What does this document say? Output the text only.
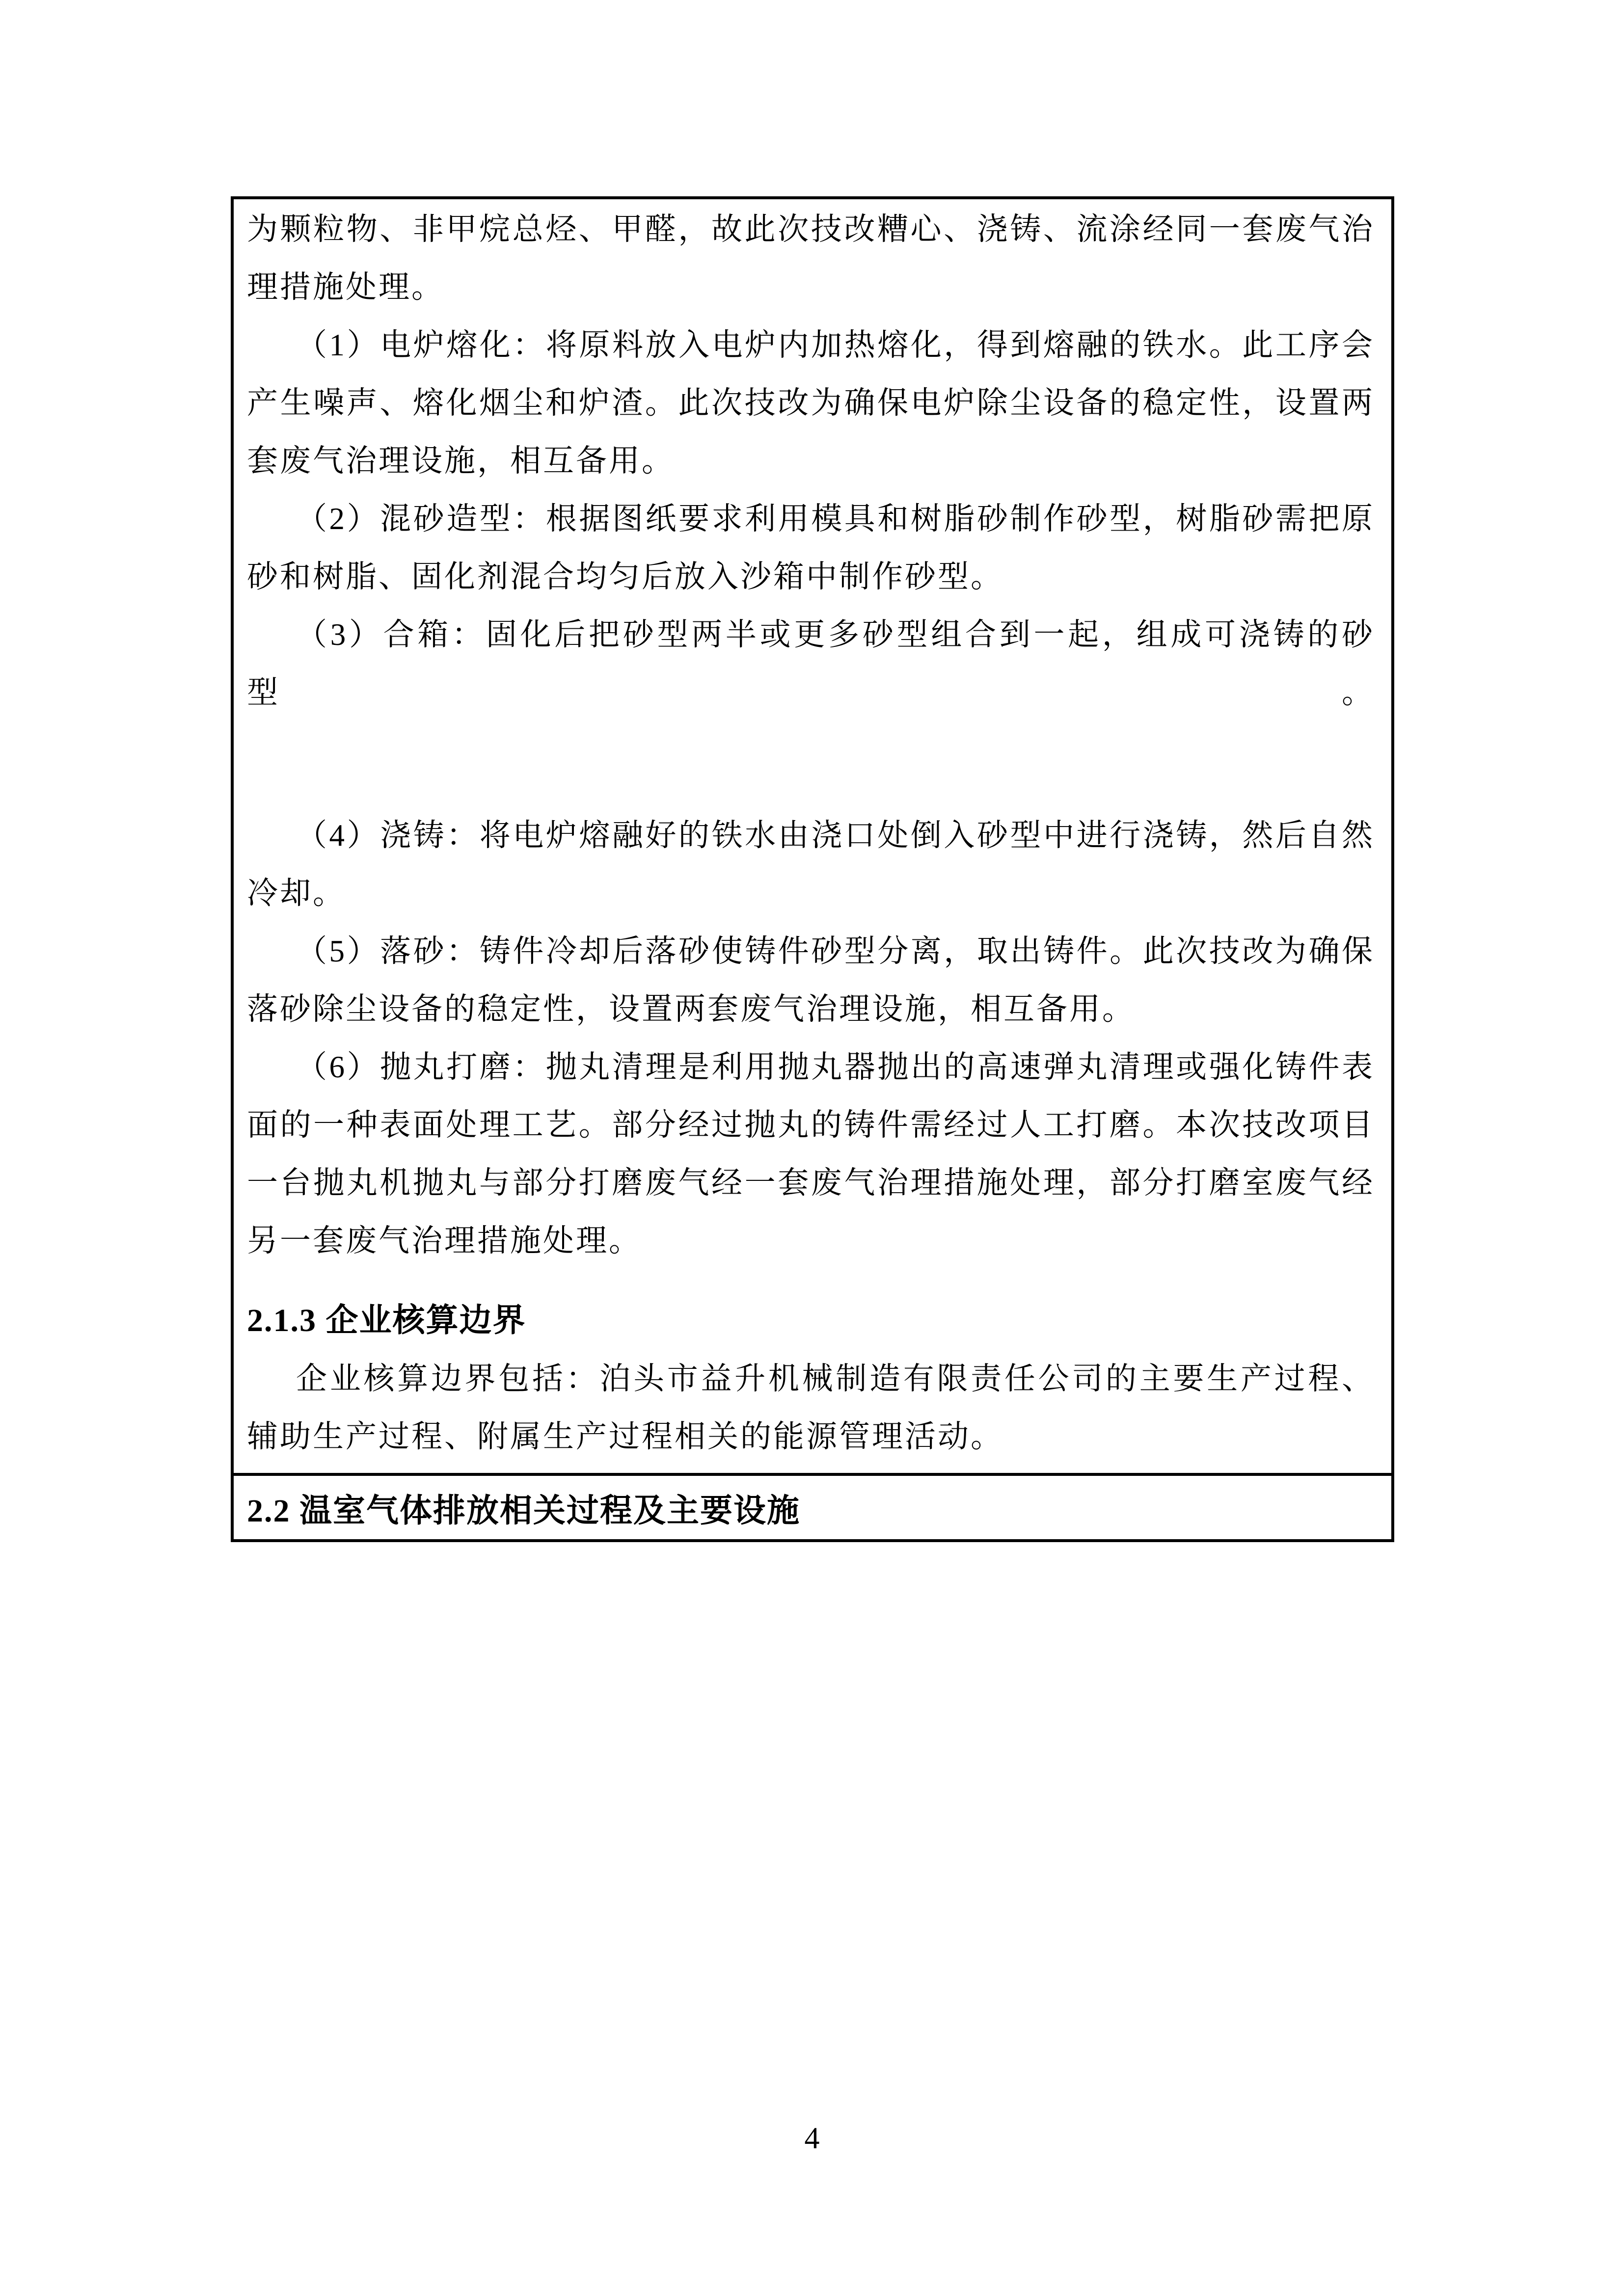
为颗粒物、非甲烷总烃、甲醛，故此次技改糟心、浇铸、流涂经同一套废气治理措施处理。

（1）电炉熔化：将原料放入电炉内加热熔化，得到熔融的铁水。此工序会产生噪声、熔化烟尘和炉渣。此次技改为确保电炉除尘设备的稳定性，设置两套废气治理设施，相互备用。

（2）混砂造型：根据图纸要求利用模具和树脂砂制作砂型，树脂砂需把原砂和树脂、固化剂混合均匀后放入沙箱中制作砂型。

（3）合箱：固化后把砂型两半或更多砂型组合到一起，组成可浇铸的砂型。

（4）浇铸：将电炉熔融好的铁水由浇口处倒入砂型中进行浇铸，然后自然冷却。

（5）落砂：铸件冷却后落砂使铸件砂型分离，取出铸件。此次技改为确保落砂除尘设备的稳定性，设置两套废气治理设施，相互备用。

（6）抛丸打磨：抛丸清理是利用抛丸器抛出的高速弹丸清理或强化铸件表面的一种表面处理工艺。部分经过抛丸的铸件需经过人工打磨。本次技改项目一台抛丸机抛丸与部分打磨废气经一套废气治理措施处理，部分打磨室废气经另一套废气治理措施处理。

2.1.3 企业核算边界

企业核算边界包括：泊头市益升机械制造有限责任公司的主要生产过程、辅助生产过程、附属生产过程相关的能源管理活动。

2.2 温室气体排放相关过程及主要设施

4
